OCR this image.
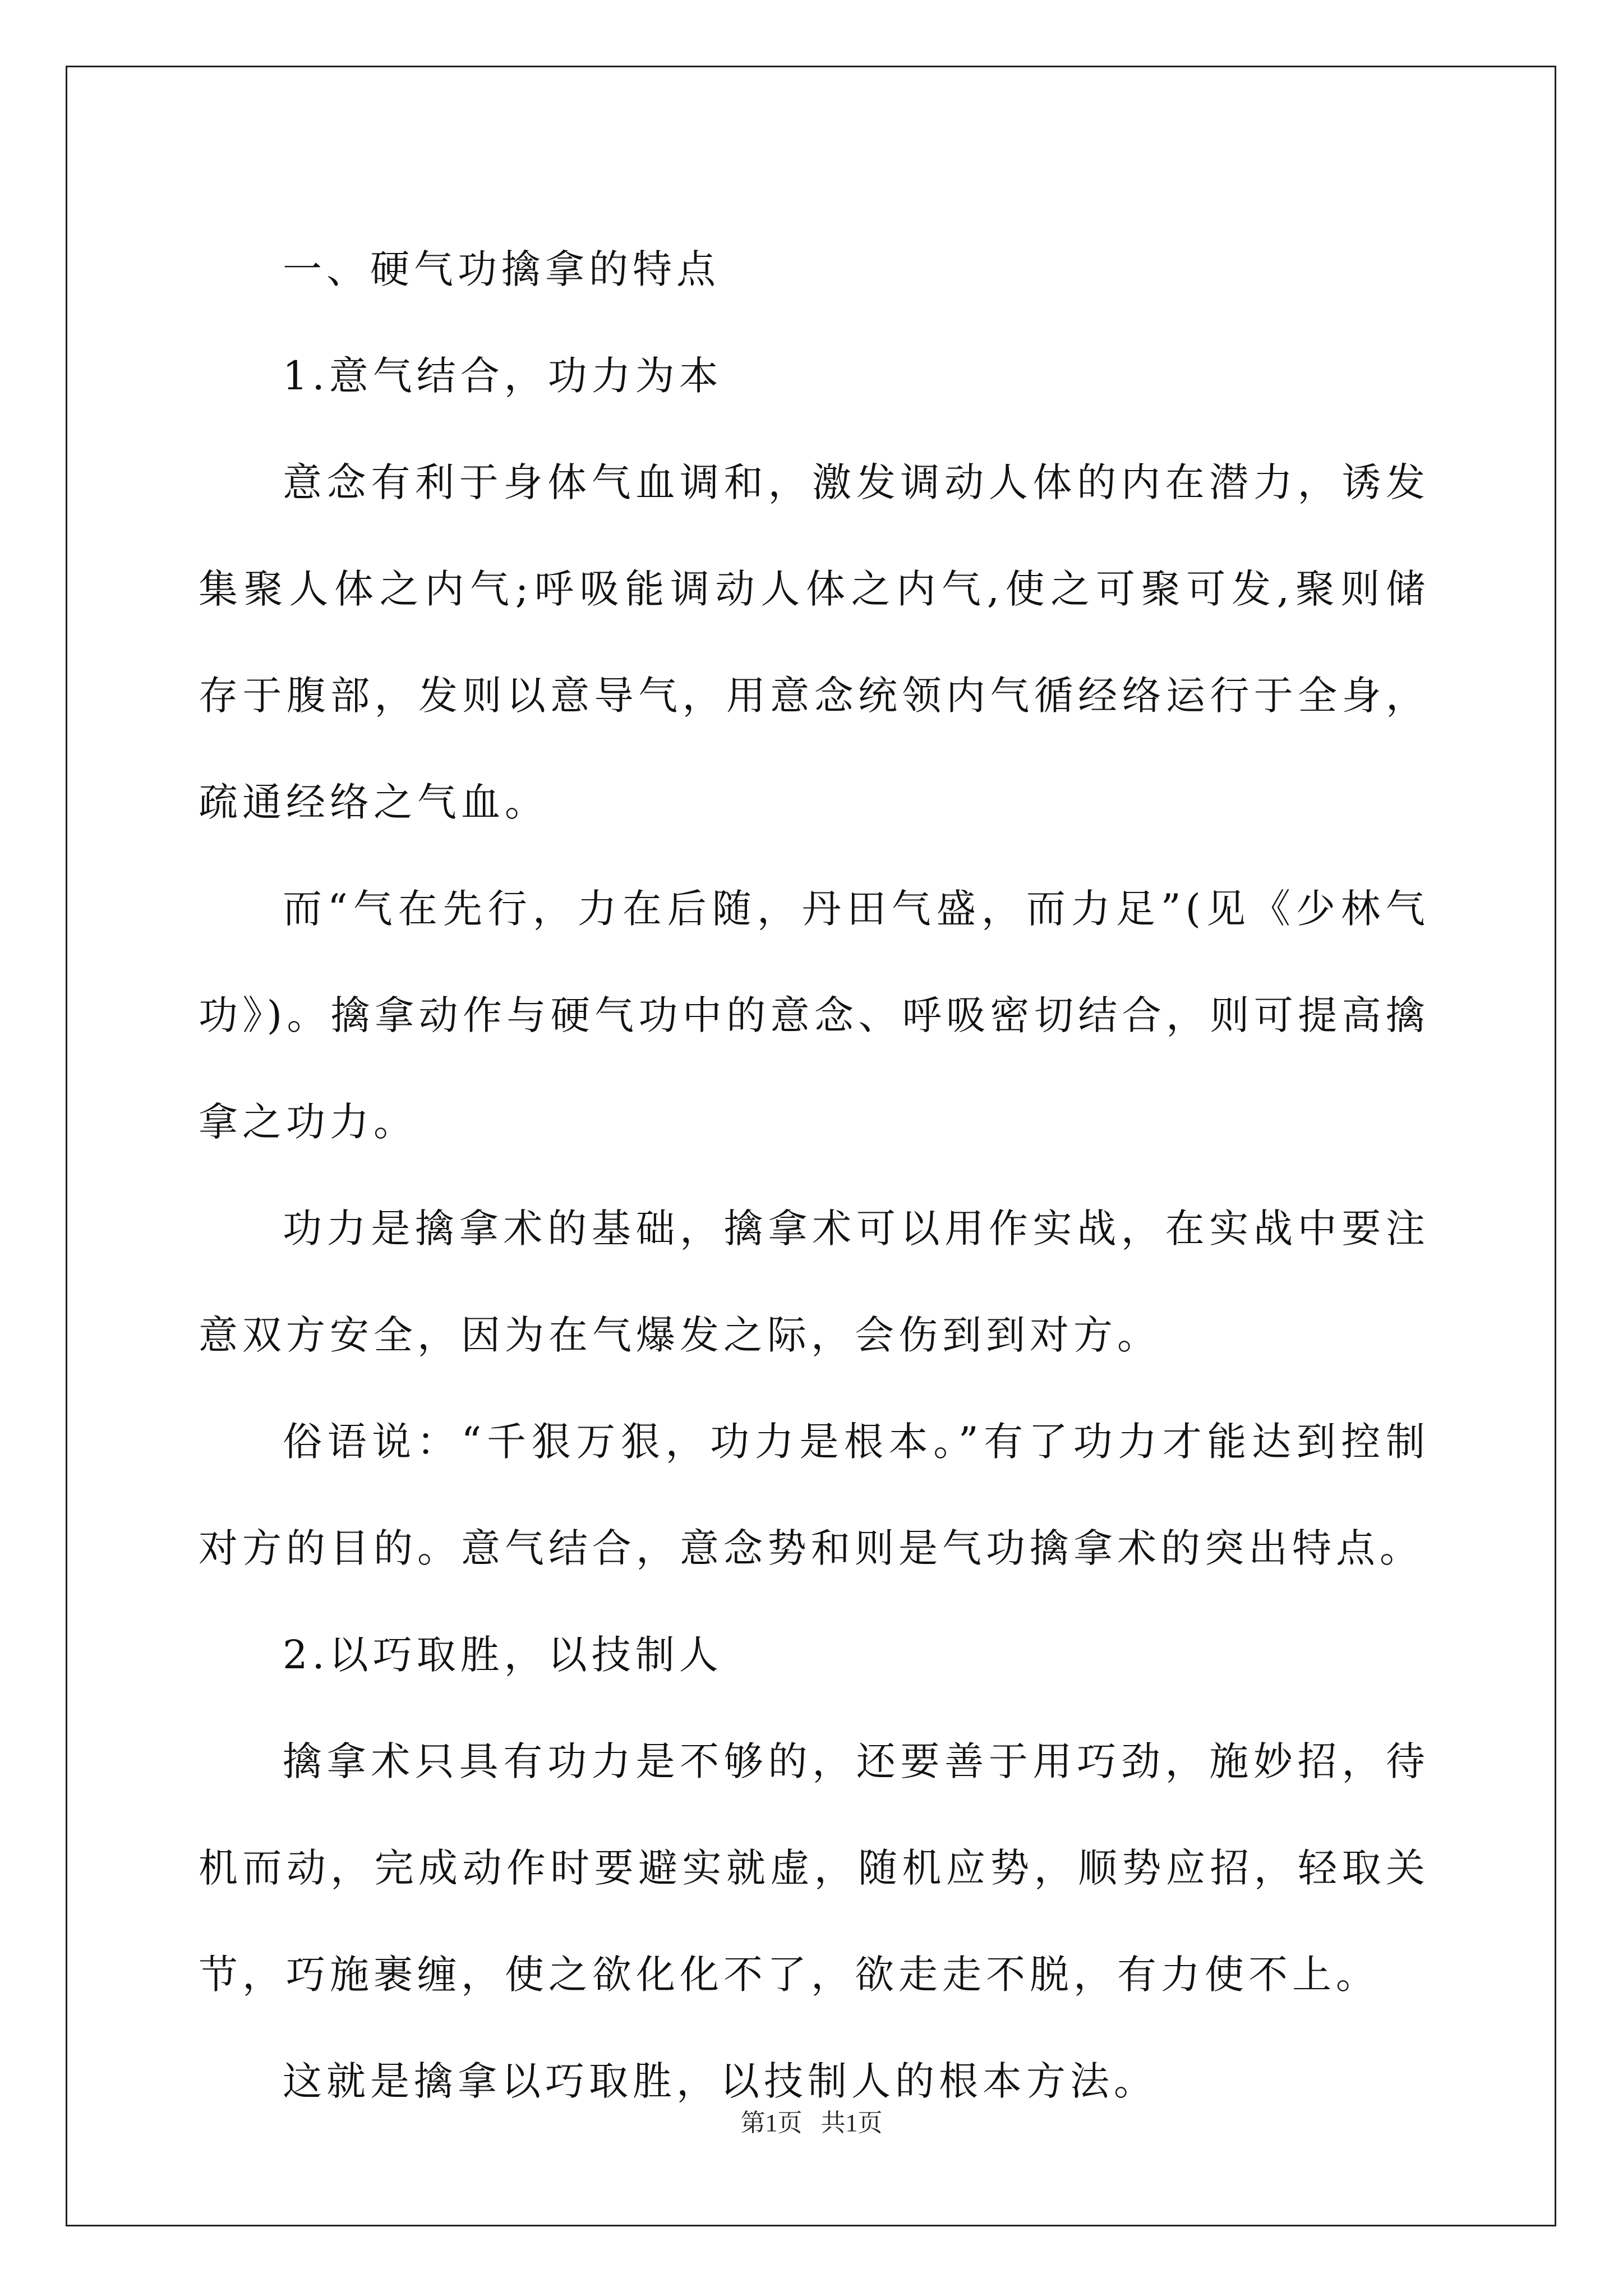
一、硬气功擒拿的特点

1.意气结合，功力为本

意念有利于身体气血调和，激发调动人体的内在潜力，诱发集聚人体之内气;呼吸能调动人体之内气,使之可聚可发,聚则储存于腹部，发则以意导气，用意念统领内气循经络运行于全身，疏通经络之气血。

而“气在先行，力在后随，丹田气盛，而力足”(见《少林气功》)。擒拿动作与硬气功中的意念、呼吸密切结合，则可提高擒拿之功力。

功力是擒拿术的基础，擒拿术可以用作实战，在实战中要注意双方安全，因为在气爆发之际，会伤到到对方。

俗语说：“千狠万狠，功力是根本。”有了功力才能达到控制对方的目的。意气结合，意念势和则是气功擒拿术的突出特点。

2.以巧取胜，以技制人

擒拿术只具有功力是不够的，还要善于用巧劲，施妙招，待机而动，完成动作时要避实就虚，随机应势，顺势应招，轻取关节，巧施裹缠，使之欲化化不了，欲走走不脱，有力使不上。

这就是擒拿以巧取胜，以技制人的根本方法。

第1页   共1页
